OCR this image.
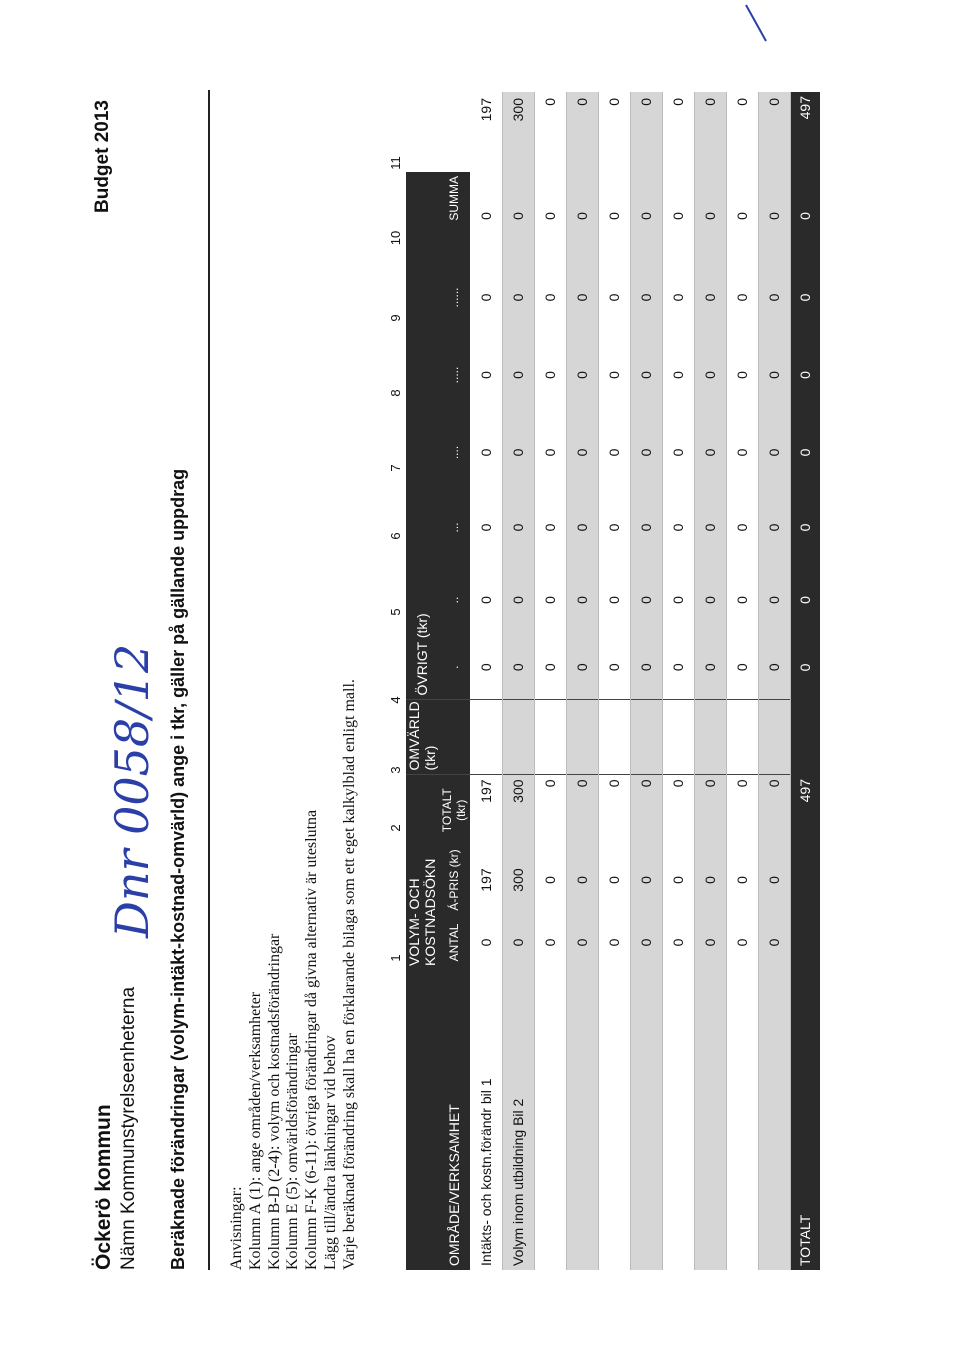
Öckerö kommun Nämn Kommunstyrelseenheterna
Budget 2013
Dnr 0058/12 Beräknade förändringar (volym-intäkt-kostnad-omvärld) ange i tkr, gäller på gällande uppdrag	Anvisningar: Kolumn A (1): ange områden/verksamheter Kolumn B-D (2-4): volym och kostnadsförändringar Kolumn E (5): omvärldsförändringar Kolumn F-K (6-11): övriga förändringar då givna alternativ är uteslutna Lägg till/ändra länkningar vid behov Varje beräknad förändring skall ha en förklarande bilaga som ett eget kalkylblad enligt mall. 1
2
3
4
5
6
7
8
9
10
11
	VOLYM- OCH KOSTNADSÖKN			OMVÄRLD (tkr)	ÖVRIGT (tkr)							
OMRÅDE/VERKSAMHET	ANTAL	Á-PRIS (kr)	TOTALT (tkr)		.	..	...	....	.....	......	SUMMA	
Intäkts- och kostn.förändr bil 1	0	197	197		0	0	0	0	0	0	0	197
Volym inom utbildning Bil 2	0	300	300		0	0	0	0	0	0	0	300
	0	0	0		0	0	0	0	0	0	0	0
	0	0	0		0	0	0	0	0	0	0	0
	0	0	0		0	0	0	0	0	0	0	0
	0	0	0		0	0	0	0	0	0	0	0
	0	0	0		0	0	0	0	0	0	0	0
	0	0	0		0	0	0	0	0	0	0	0
	0	0	0		0	0	0	0	0	0	0	0
	0	0	0		0	0	0	0	0	0	0	0
TOTALT			497		0	0	0	0	0	0	0	497
